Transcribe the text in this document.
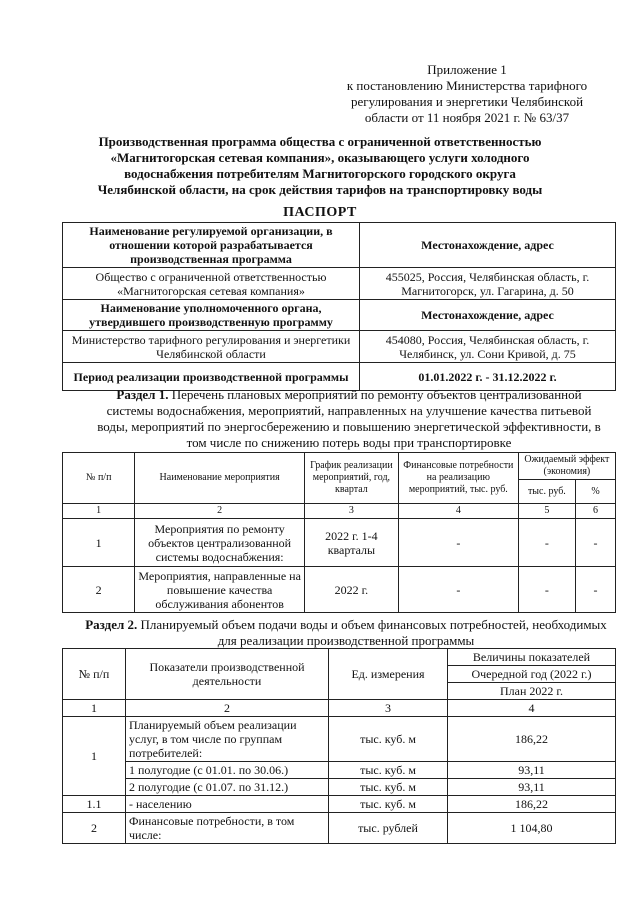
Приложение 1
к постановлению Министерства тарифного
регулирования и энергетики Челябинской
области от 11 ноября 2021 г. № 63/37
Производственная программа общества с ограниченной ответственностью «Магнитогорская сетевая компания», оказывающего услуги холодного водоснабжения потребителям Магнитогорского городского округа Челябинской области, на срок действия тарифов на транспортировку воды
ПАСПОРТ
Наименование регулируемой организации, в отношении которой разрабатывается производственная программа	Местонахождение, адрес
Общество с ограниченной ответственностью «Магнитогорская сетевая компания»	455025, Россия, Челябинская область, г. Магнитогорск, ул. Гагарина, д. 50
Наименование уполномоченного органа, утвердившего производственную программу	Местонахождение, адрес
Министерство тарифного регулирования и энергетики Челябинской области	454080, Россия, Челябинская область, г. Челябинск, ул. Сони Кривой, д. 75
Период реализации производственной программы	01.01.2022 г. - 31.12.2022 г.
Раздел 1. Перечень плановых мероприятий по ремонту объектов централизованной системы водоснабжения, мероприятий, направленных на улучшение качества питьевой воды, мероприятий по энергосбережению и повышению энергетической эффективности, в том числе по снижению потерь воды при транспортировке
№ п/п	Наименование мероприятия	График реализации мероприятий, год, квартал	Финансовые потребности на реализацию мероприятий, тыс. руб.	Ожидаемый эффект (экономия)	
				тыс. руб.	%
1	2	3	4	5	6
1	Мероприятия по ремонту объектов централизованной системы водоснабжения:	2022 г. 1-4 кварталы	-	-	-
2	Мероприятия, направленные на повышение качества обслуживания абонентов	2022 г.	-	-	-
Раздел 2. Планируемый объем подачи воды и объем финансовых потребностей, необходимых для реализации производственной программы
№ п/п	Показатели производственной деятельности	Ед. измерения	Величины показателей
			Очередной год (2022 г.)
			План 2022 г.
1	2	3	4
1	Планируемый объем реализации услуг, в том числе по группам потребителей:	тыс. куб. м	186,22
	1 полугодие (с 01.01. по 30.06.)	тыс. куб. м	93,11
	2 полугодие (с 01.07. по 31.12.)	тыс. куб. м	93,11
1.1	- населению	тыс. куб. м	186,22
2	Финансовые потребности, в том числе:	тыс. рублей	1 104,80
